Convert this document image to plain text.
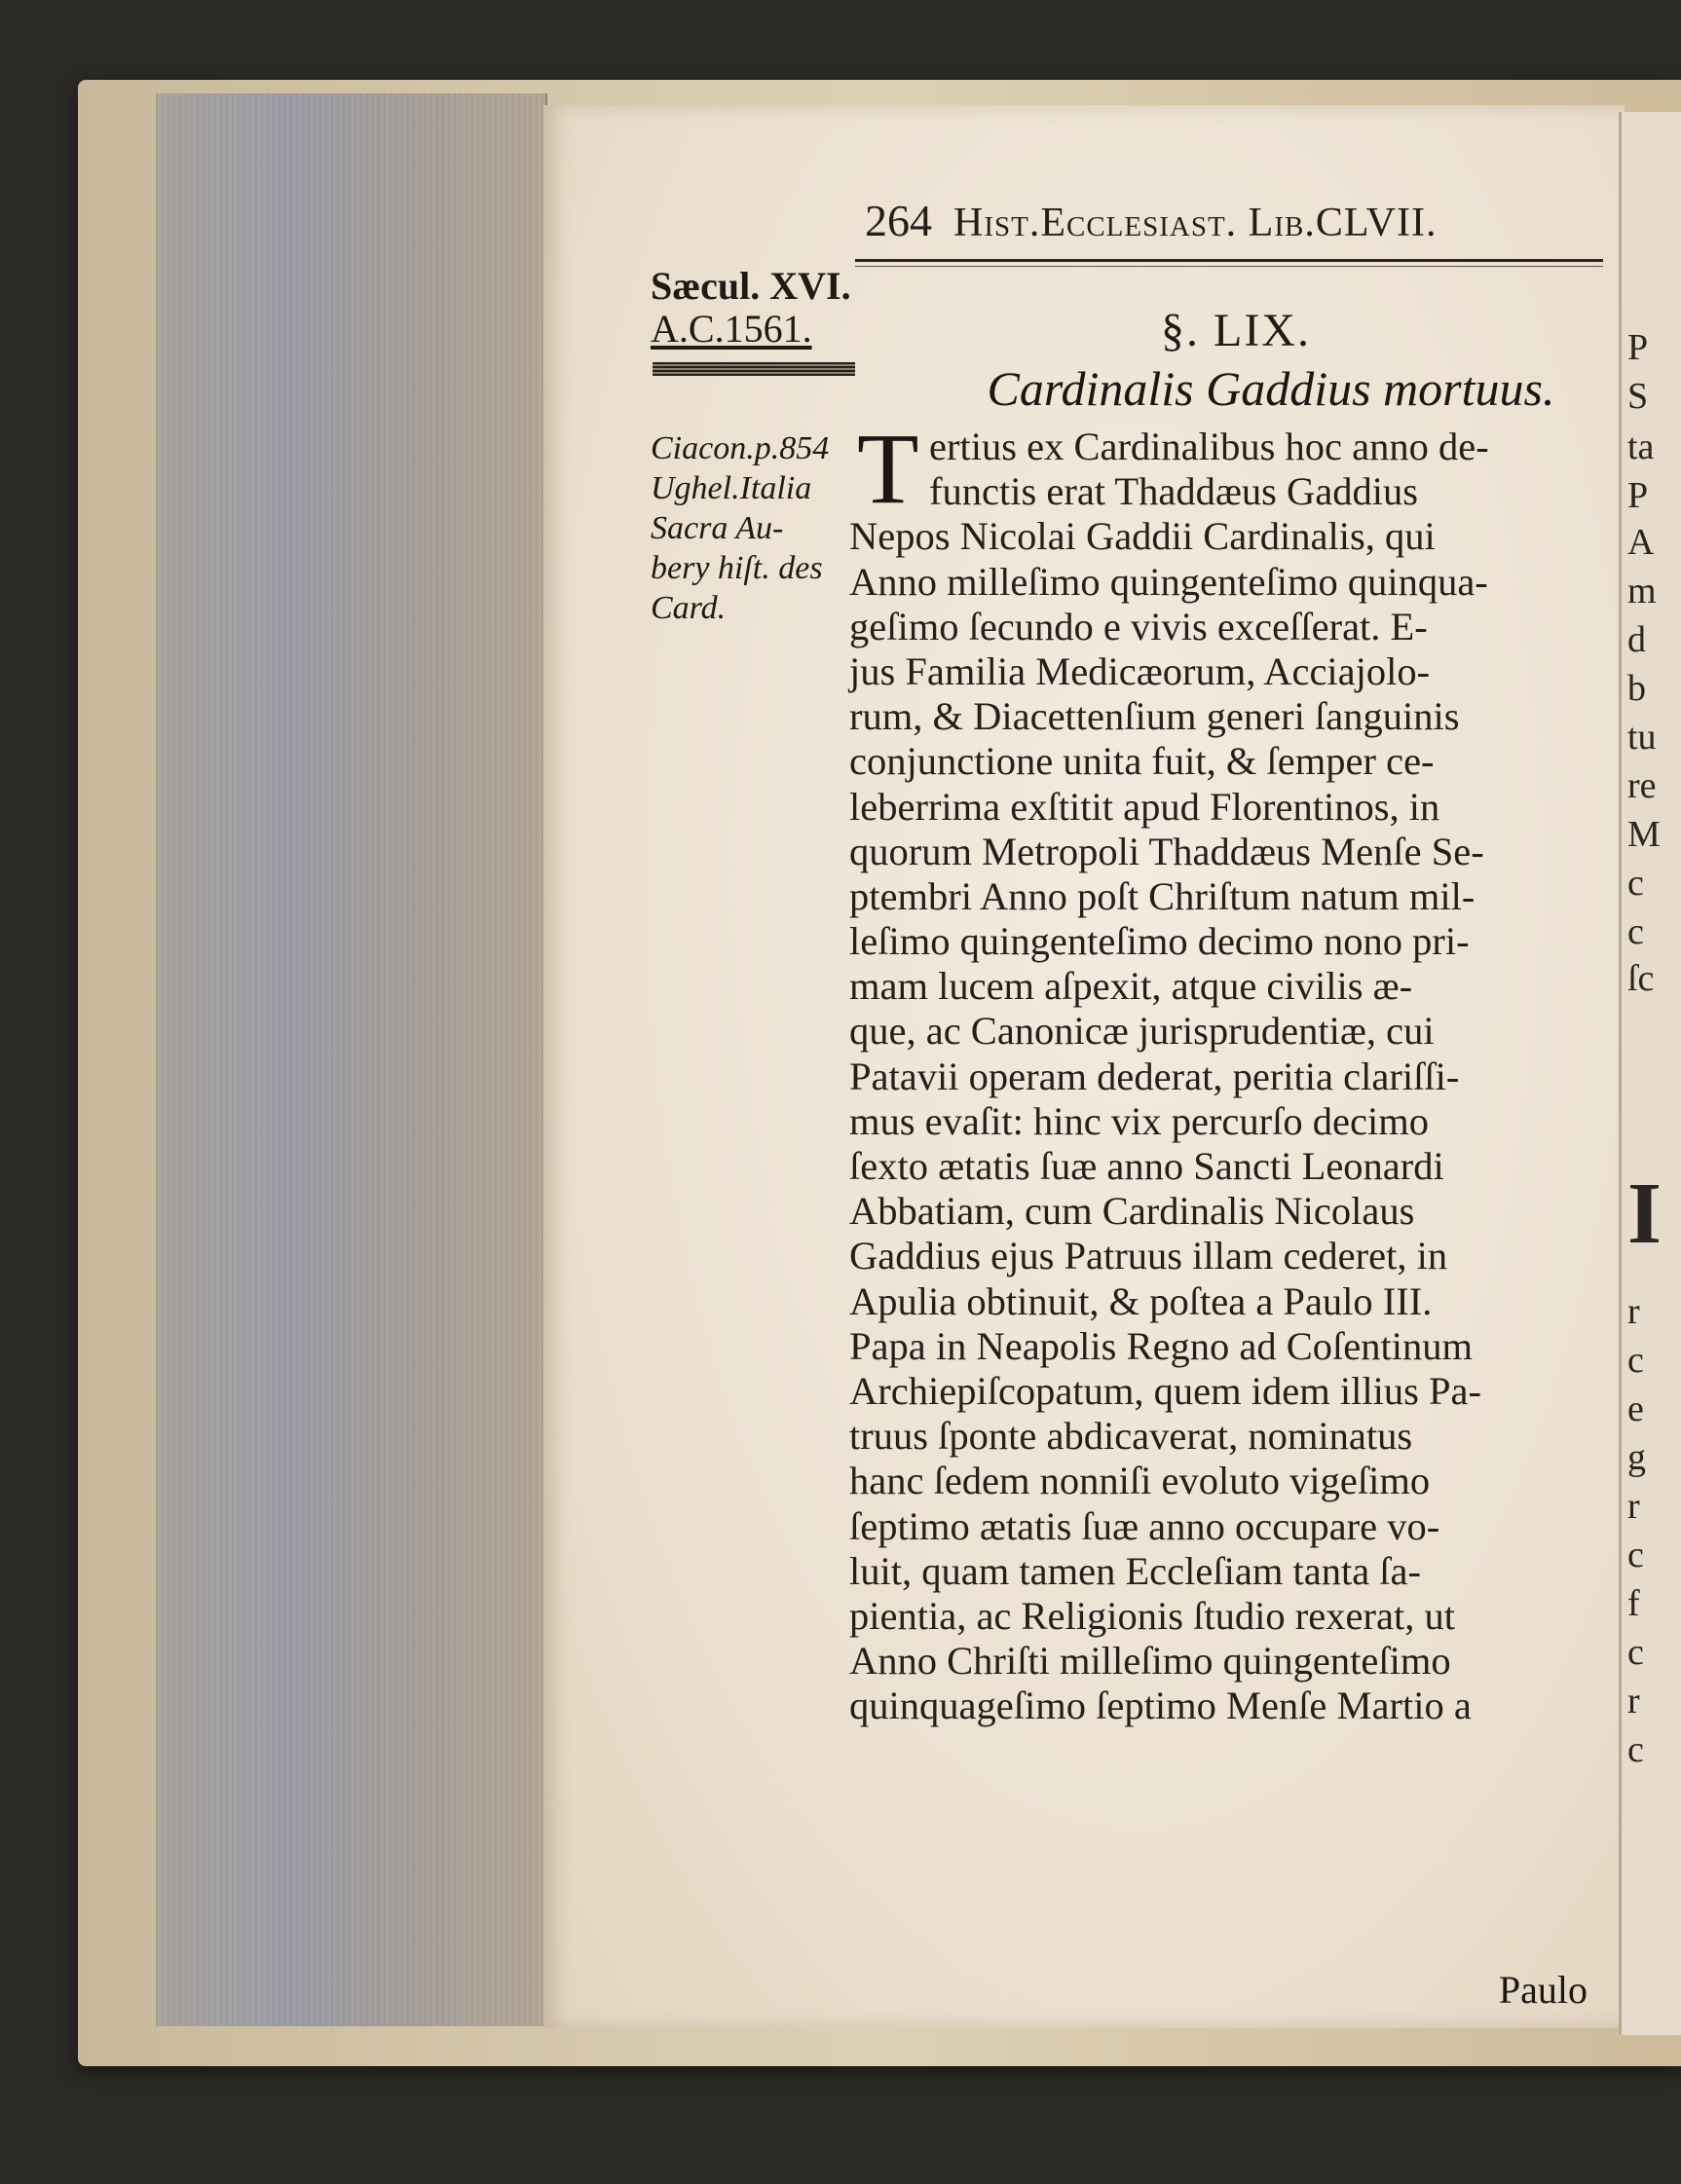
P
S
ta
P
A
m
d
b
tu
re
M
c
c
ſc
I
r
c
e
g
r
c
f
c
r
c
264 Hist.Ecclesiast. Lib.CLVII.
Sæcul. XVI.
A.C.1561.
Ciacon.p.854
Ughel.Italia
Sacra Au-
bery hiſt. des
Card.
§. LIX.
Cardinalis Gaddius mortuus.
T ertius ex Cardinalibus hoc anno de-
functis erat Thaddæus Gaddius
Nepos Nicolai Gaddii Cardinalis, qui
Anno milleſimo quingenteſimo quinqua-
geſimo ſecundo e vivis exceſſerat. E-
jus Familia Medicæorum, Acciajolo-
rum, & Diacettenſium generi ſanguinis
conjunctione unita fuit, & ſemper ce-
leberrima exſtitit apud Florentinos, in
quorum Metropoli Thaddæus Menſe Se-
ptembri Anno poſt Chriſtum natum mil-
leſimo quingenteſimo decimo nono pri-
mam lucem aſpexit, atque civilis æ-
que, ac Canonicæ jurisprudentiæ, cui
Patavii operam dederat, peritia clariſſi-
mus evaſit: hinc vix percurſo decimo
ſexto ætatis ſuæ anno Sancti Leonardi
Abbatiam, cum Cardinalis Nicolaus
Gaddius ejus Patruus illam cederet, in
Apulia obtinuit, & poſtea a Paulo III.
Papa in Neapolis Regno ad Coſentinum
Archiepiſcopatum, quem idem illius Pa-
truus ſponte abdicaverat, nominatus
hanc ſedem nonniſi evoluto vigeſimo
ſeptimo ætatis ſuæ anno occupare vo-
luit, quam tamen Eccleſiam tanta ſa-
pientia, ac Religionis ſtudio rexerat, ut
Anno Chriſti milleſimo quingenteſimo
quinquageſimo ſeptimo Menſe Martio a
Paulo
